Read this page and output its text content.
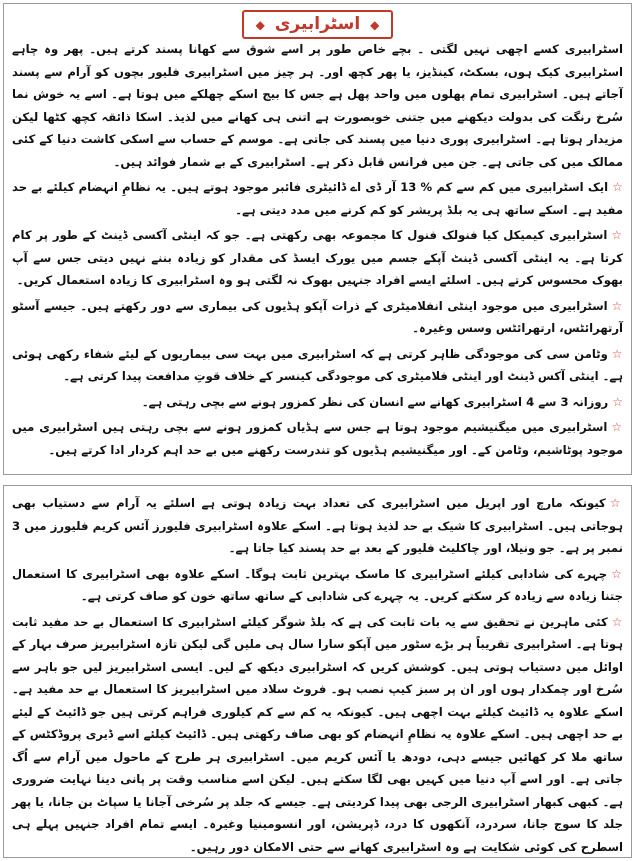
◆ اسٹرابیری ◆

اسٹرابیری کسے اچھی نہیں لگتی ۔ بچے خاص طور پر اسے شوق سے کھانا پسند کرتے ہیں۔ پھر وہ چاہے اسٹرابیری کیک ہوں، بسکٹ، کینڈیز، یا پھر کچھ اور۔ ہر چیز میں اسٹرابیری فلیور بچوں کو آرام سے پسند آجاتے ہیں۔ اسٹرابیری تمام پھلوں میں واحد پھل ہے جس کا بیج اسکے چھلکے میں ہوتا ہے۔ اسے یہ خوش نما سُرخ رنگت کی بدولت دیکھنے میں جتنی خوبصورت ہے اتنی ہی کھانے میں لذیذ۔ اسکا ذائقہ کچھ کٹھا لیکن مزیدار ہوتا ہے۔ اسٹرابیری پوری دنیا میں پسند کی جاتی ہے۔ موسم کے حساب سے اسکی کاشت دنیا کے کئی ممالک میں کی جاتی ہے۔ جن میں فرانس قابل ذکر ہے۔ اسٹرابیری کے بے شمار فوائد ہیں۔

☆ایک اسٹرابیری میں کم سے کم % 13 آر ڈی اے ڈائیٹری فائبر موجود ہوتے ہیں۔ یہ نظامِ انہضام کیلئے بے حد مفید ہے۔ اسکے ساتھ ہی یہ بلڈ پریشر کو کم کرنے میں مدد دیتی ہے۔

☆اسٹرابیری کیمیکل کیا فنولک فنول کا مجموعہ بھی رکھتی ہے۔ جو کہ اینٹی آکسی ڈینٹ کے طور پر کام کرتا ہے۔ یہ اینٹی آکسی ڈینٹ آپکے جسم میں یورک ایسڈ کی مقدار کو زیادہ بننے نہیں دیتی جس سے آپ بھوک محسوس کرتے ہیں۔ اسلئے ایسے افراد جنہیں بھوک نہ لگتی ہو وہ اسٹرابیری کا زیادہ استعمال کریں۔

☆اسٹرابیری میں موجود اینٹی انفلامیٹری کے ذرات آپکو ہڈیوں کی بیماری سے دور رکھتے ہیں۔ جیسے آسٹو آرتھرائٹس، ارتھرائٹس وسس وغیرہ۔

☆وٹامن سی کی موجودگی ظاہر کرتی ہے کہ اسٹرابیری میں بہت سی بیماریوں کے لیئے شفاء رکھی ہوئی ہے۔ اینٹی آکس ڈینٹ اور اینٹی فلامیٹری کی موجودگی کینسر کے خلاف قوتِ مدافعت پیدا کرتی ہے۔

☆روزانہ 3 سے 4 اسٹرابیری کھانے سے انسان کی نظر کمزور ہونے سے بچی رہتی ہے۔

☆اسٹرابیری میں میگنیشیم موجود ہوتا ہے جس سے ہڈیاں کمزور ہونے سے بچی رہتی ہیں اسٹرابیری میں موجود پوٹاشیم، وٹامن کے۔ اور میگنیشیم ہڈیوں کو تندرست رکھنے میں بے حد اہم کردار ادا کرتے ہیں۔

☆کیونکہ مارچ اور اپریل میں اسٹرابیری کی تعداد بہت زیادہ ہوتی ہے اسلئے یہ آرام سے دستیاب بھی ہوجاتی ہیں۔ اسٹرابیری کا شیک بے حد لذیذ ہوتا ہے۔ اسکے علاوہ اسٹرابیری فلیورز آئس کریم فلیورز میں 3 نمبر پر ہے۔ جو ونیلا، اور چاکلیٹ فلیور کے بعد بے حد پسند کیا جاتا ہے۔

☆چہرے کی شادابی کیلئے اسٹرابیری کا ماسک بہترین ثابت ہوگا۔ اسکے علاوہ بھی اسٹرابیری کا استعمال جتنا زیادہ سے زیادہ کر سکتے کریں۔ یہ چہرے کی شادابی کے ساتھ ساتھ خون کو صاف کرتی ہے۔

☆کئی ماہرین نے تحقیق سے یہ بات ثابت کی ہے کہ بلڈ شوگر کیلئے اسٹرابیری کا استعمال بے حد مفید ثابت ہوتا ہے۔ اسٹرابیری تقریباً ہر بڑے سٹور میں آپکو سارا سال ہی ملیں گی لیکن تازہ اسٹرابیریز صرف بہار کے اوائل میں دستیاب ہوتی ہیں۔ کوشش کریں کہ اسٹرابیری دیکھ کے لیں۔ ایسی اسٹرابیریز لیں جو باہر سے سُرخ اور چمکدار ہوں اور ان پر سبز کیپ نصب ہو۔ فروٹ سلاد میں اسٹرابیریز کا استعمال بے حد مفید ہے۔ اسکے علاوہ یہ ڈائیٹ کیلئے بہت اچھی ہیں۔ کیونکہ یہ کم سے کم کیلوری فراہم کرتی ہیں جو ڈائیٹ کے لیئے بے حد اچھی ہیں۔ اسکے علاوہ یہ نظامِ انہضام کو بھی صاف رکھتی ہیں۔ ڈائیٹ کیلئے اسے ڈیری پروڈکٹس کے ساتھ ملا کر کھائیں جیسے دہی، دودھ یا آئس کریم میں۔ اسٹرابیری ہر طرح کے ماحول میں آرام سے اُگ جاتی ہے۔ اور اسے آپ دنیا میں کہیں بھی لگا سکتے ہیں۔ لیکن اسے مناسب وقت پر پانی دینا نہایت ضروری ہے۔ کبھی کبھار اسٹرابیری الرجی بھی پیدا کردیتی ہے۔ جیسے کہ جلد پر سُرخی آجانا یا سپاٹ بن جانا، یا پھر جلد کا سوج جانا، سردرد، آنکھوں کا درد، ڈپریشن، اور انسومینیا وغیرہ۔ ایسے تمام افراد جنہیں پہلے ہی اسطرح کی کوئی شکایت ہے وہ اسٹرابیری کھانے سے حتی الامکان دور رہیں۔
